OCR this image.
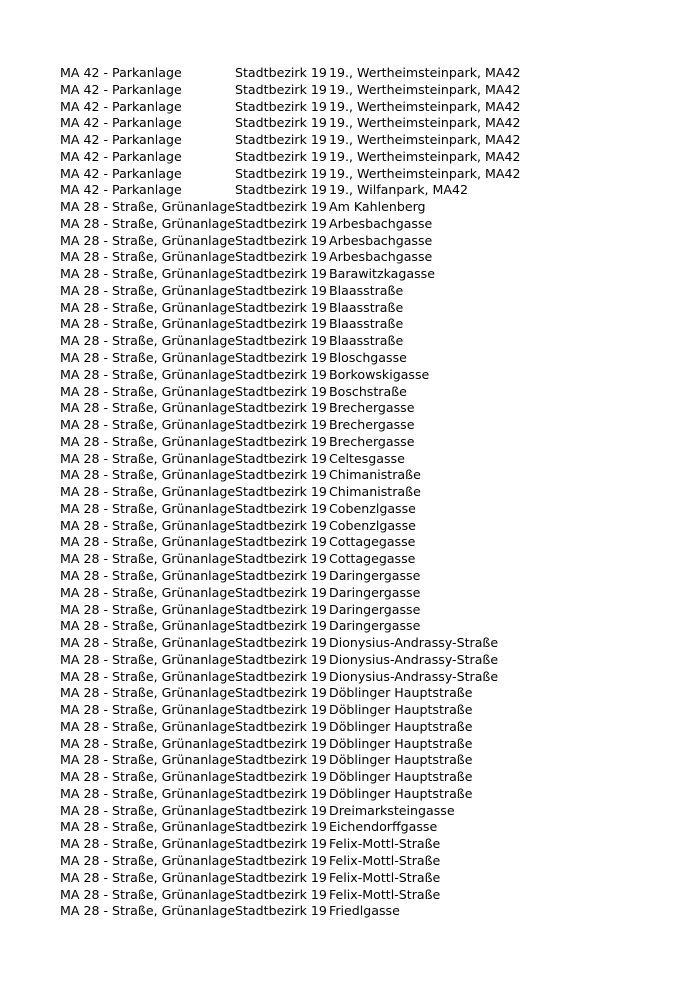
MA 42 - Parkanlage	Stadtbezirk 19 19., Wertheimsteinpark, MA42
MA 42 - Parkanlage	Stadtbezirk 19 19., Wertheimsteinpark, MA42
MA 42 - Parkanlage	Stadtbezirk 19 19., Wertheimsteinpark, MA42
MA 42 - Parkanlage	Stadtbezirk 19 19., Wertheimsteinpark, MA42
MA 42 - Parkanlage	Stadtbezirk 19 19., Wertheimsteinpark, MA42
MA 42 - Parkanlage	Stadtbezirk 19 19., Wertheimsteinpark, MA42
MA 42 - Parkanlage	Stadtbezirk 19 19., Wertheimsteinpark, MA42
MA 42 - Parkanlage	Stadtbezirk 19 19., Wilfanpark, MA42
MA 28 - Straße, Grünanlage Stadtbezirk 19 Am Kahlenberg
MA 28 - Straße, Grünanlage Stadtbezirk 19 Arbesbachgasse
MA 28 - Straße, Grünanlage Stadtbezirk 19 Arbesbachgasse
MA 28 - Straße, Grünanlage Stadtbezirk 19 Arbesbachgasse
MA 28 - Straße, Grünanlage Stadtbezirk 19 Barawitzkagasse
MA 28 - Straße, Grünanlage Stadtbezirk 19 Blaasstraße
MA 28 - Straße, Grünanlage Stadtbezirk 19 Blaasstraße
MA 28 - Straße, Grünanlage Stadtbezirk 19 Blaasstraße
MA 28 - Straße, Grünanlage Stadtbezirk 19 Blaasstraße
MA 28 - Straße, Grünanlage Stadtbezirk 19 Bloschgasse
MA 28 - Straße, Grünanlage Stadtbezirk 19 Borkowskigasse
MA 28 - Straße, Grünanlage Stadtbezirk 19 Boschstraße
MA 28 - Straße, Grünanlage Stadtbezirk 19 Brechergasse
MA 28 - Straße, Grünanlage Stadtbezirk 19 Brechergasse
MA 28 - Straße, Grünanlage Stadtbezirk 19 Brechergasse
MA 28 - Straße, Grünanlage Stadtbezirk 19 Celtesgasse
MA 28 - Straße, Grünanlage Stadtbezirk 19 Chimanistraße
MA 28 - Straße, Grünanlage Stadtbezirk 19 Chimanistraße
MA 28 - Straße, Grünanlage Stadtbezirk 19 Cobenzlgasse
MA 28 - Straße, Grünanlage Stadtbezirk 19 Cobenzlgasse
MA 28 - Straße, Grünanlage Stadtbezirk 19 Cottagegasse
MA 28 - Straße, Grünanlage Stadtbezirk 19 Cottagegasse
MA 28 - Straße, Grünanlage Stadtbezirk 19 Daringergasse
MA 28 - Straße, Grünanlage Stadtbezirk 19 Daringergasse
MA 28 - Straße, Grünanlage Stadtbezirk 19 Daringergasse
MA 28 - Straße, Grünanlage Stadtbezirk 19 Daringergasse
MA 28 - Straße, Grünanlage Stadtbezirk 19 Dionysius-Andrassy-Straße
MA 28 - Straße, Grünanlage Stadtbezirk 19 Dionysius-Andrassy-Straße
MA 28 - Straße, Grünanlage Stadtbezirk 19 Dionysius-Andrassy-Straße
MA 28 - Straße, Grünanlage Stadtbezirk 19 Döblinger Hauptstraße
MA 28 - Straße, Grünanlage Stadtbezirk 19 Döblinger Hauptstraße
MA 28 - Straße, Grünanlage Stadtbezirk 19 Döblinger Hauptstraße
MA 28 - Straße, Grünanlage Stadtbezirk 19 Döblinger Hauptstraße
MA 28 - Straße, Grünanlage Stadtbezirk 19 Döblinger Hauptstraße
MA 28 - Straße, Grünanlage Stadtbezirk 19 Döblinger Hauptstraße
MA 28 - Straße, Grünanlage Stadtbezirk 19 Döblinger Hauptstraße
MA 28 - Straße, Grünanlage Stadtbezirk 19 Dreimarksteingasse
MA 28 - Straße, Grünanlage Stadtbezirk 19 Eichendorffgasse
MA 28 - Straße, Grünanlage Stadtbezirk 19 Felix-Mottl-Straße
MA 28 - Straße, Grünanlage Stadtbezirk 19 Felix-Mottl-Straße
MA 28 - Straße, Grünanlage Stadtbezirk 19 Felix-Mottl-Straße
MA 28 - Straße, Grünanlage Stadtbezirk 19 Felix-Mottl-Straße
MA 28 - Straße, Grünanlage Stadtbezirk 19 Friedlgasse
